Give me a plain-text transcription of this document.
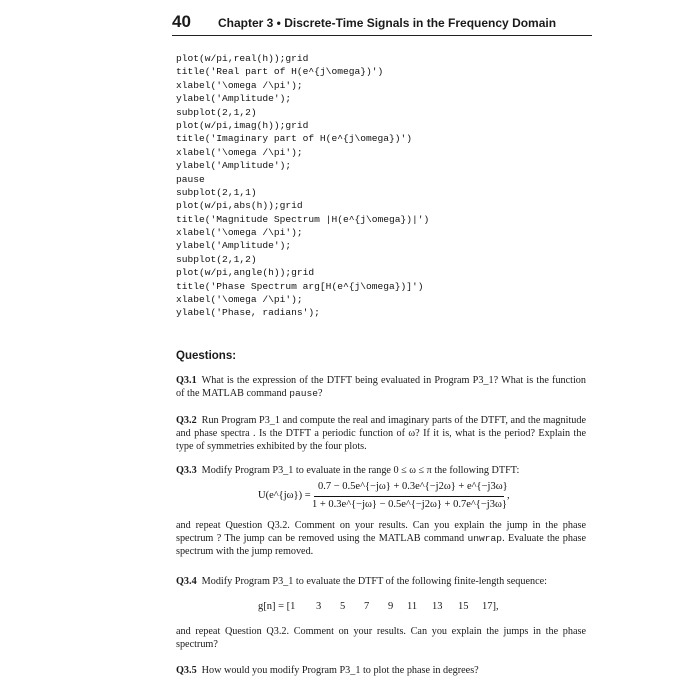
40 Chapter 3 • Discrete-Time Signals in the Frequency Domain
plot(w/pi,real(h));grid
title('Real part of H(e^{j\omega})')
xlabel('\omega /\pi');
ylabel('Amplitude');
subplot(2,1,2)
plot(w/pi,imag(h));grid
title('Imaginary part of H(e^{j\omega})')
xlabel('\omega /\pi');
ylabel('Amplitude');
pause
subplot(2,1,1)
plot(w/pi,abs(h));grid
title('Magnitude Spectrum |H(e^{j\omega})|')
xlabel('\omega /\pi');
ylabel('Amplitude');
subplot(2,1,2)
plot(w/pi,angle(h));grid
title('Phase Spectrum arg[H(e^{j\omega})]')
xlabel('\omega /\pi');
ylabel('Phase, radians');
Questions:
Q3.1 What is the expression of the DTFT being evaluated in Program P3_1? What is the function of the MATLAB command pause?
Q3.2 Run Program P3_1 and compute the real and imaginary parts of the DTFT, and the magnitude and phase spectra . Is the DTFT a periodic function of ω? If it is, what is the period? Explain the type of symmetries exhibited by the four plots.
Q3.3 Modify Program P3_1 to evaluate in the range 0 ≤ ω ≤ π the following DTFT:
U(e^{jω}) =
0.7 − 0.5e^{−jω} + 0.3e^{−j2ω} + e^{−j3ω}
1 + 0.3e^{−jω} − 0.5e^{−j2ω} + 0.7e^{−j3ω}
,
and repeat Question Q3.2. Comment on your results. Can you explain the jump in the phase spectrum ? The jump can be removed using the MATLAB command unwrap. Evaluate the phase spectrum with the jump removed.
Q3.4 Modify Program P3_1 to evaluate the DTFT of the following finite-length sequence:
g[n] = [1 3 5 7 9 11 13 15 17],
and repeat Question Q3.2. Comment on your results. Can you explain the jumps in the phase spectrum?
Q3.5 How would you modify Program P3_1 to plot the phase in degrees?
